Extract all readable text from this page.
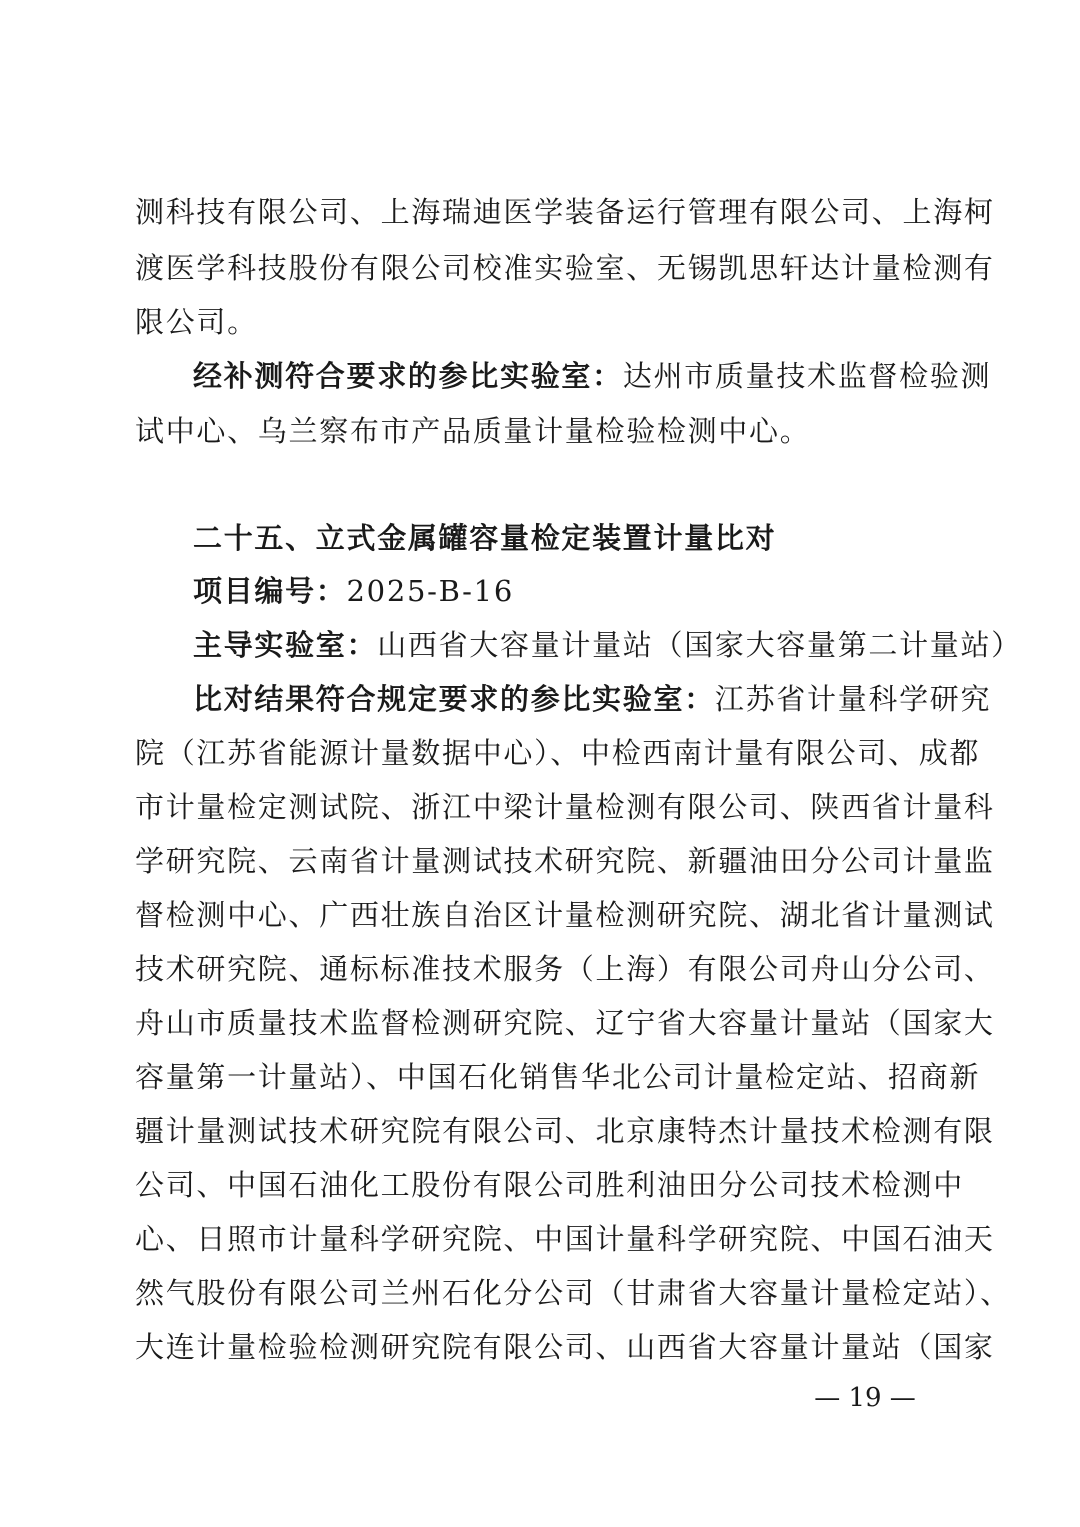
测科技有限公司、上海瑞迪医学装备运行管理有限公司、上海柯
渡医学科技股份有限公司校准实验室、无锡凯思轩达计量检测有
限公司。
经补测符合要求的参比实验室：达州市质量技术监督检验测
试中心、乌兰察布市产品质量计量检验检测中心。
二十五、立式金属罐容量检定装置计量比对
项目编号：2025-B-16
主导实验室：山西省大容量计量站（国家大容量第二计量站）
比对结果符合规定要求的参比实验室：江苏省计量科学研究
院（江苏省能源计量数据中心）、中检西南计量有限公司、成都
市计量检定测试院、浙江中梁计量检测有限公司、陕西省计量科
学研究院、云南省计量测试技术研究院、新疆油田分公司计量监
督检测中心、广西壮族自治区计量检测研究院、湖北省计量测试
技术研究院、通标标准技术服务（上海）有限公司舟山分公司、
舟山市质量技术监督检测研究院、辽宁省大容量计量站（国家大
容量第一计量站）、中国石化销售华北公司计量检定站、招商新
疆计量测试技术研究院有限公司、北京康特杰计量技术检测有限
公司、中国石油化工股份有限公司胜利油田分公司技术检测中
心、日照市计量科学研究院、中国计量科学研究院、中国石油天
然气股份有限公司兰州石化分公司（甘肃省大容量计量检定站）、
大连计量检验检测研究院有限公司、山西省大容量计量站（国家
— 19 —
